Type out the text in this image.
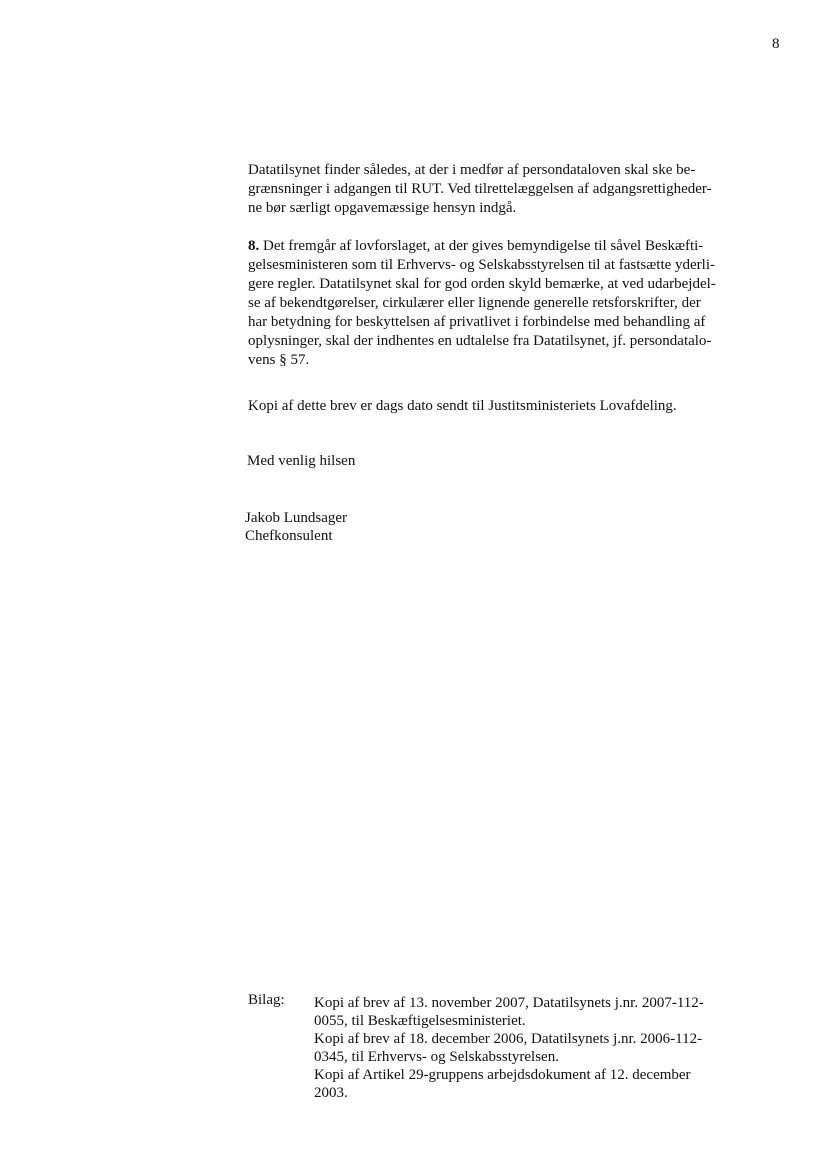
8

Datatilsynet finder således, at der i medfør af persondataloven skal ske be-
grænsninger i adgangen til RUT. Ved tilrettelæggelsen af adgangsrettigheder-
ne bør særligt opgavemæssige hensyn indgå.

8. Det fremgår af lovforslaget, at der gives bemyndigelse til såvel Beskæfti-
gelsesministeren som til Erhvervs- og Selskabsstyrelsen til at fastsætte yderli-
gere regler. Datatilsynet skal for god orden skyld bemærke, at ved udarbejdel-
se af bekendtgørelser, cirkulærer eller lignende generelle retsforskrifter, der
har betydning for beskyttelsen af privatlivet i forbindelse med behandling af
oplysninger, skal der indhentes en udtalelse fra Datatilsynet, jf. persondatalo-
vens § 57.

Kopi af dette brev er dags dato sendt til Justitsministeriets Lovafdeling.

Med venlig hilsen

Jakob Lundsager

Chefkonsulent

Bilag: Kopi af brev af 13. november 2007, Datatilsynets j.nr. 2007-112-
0055, til Beskæftigelsesministeriet.
Kopi af brev af 18. december 2006, Datatilsynets j.nr. 2006-112-
0345, til Erhvervs- og Selskabsstyrelsen.
Kopi af Artikel 29-gruppens arbejdsdokument af 12. december
2003.
